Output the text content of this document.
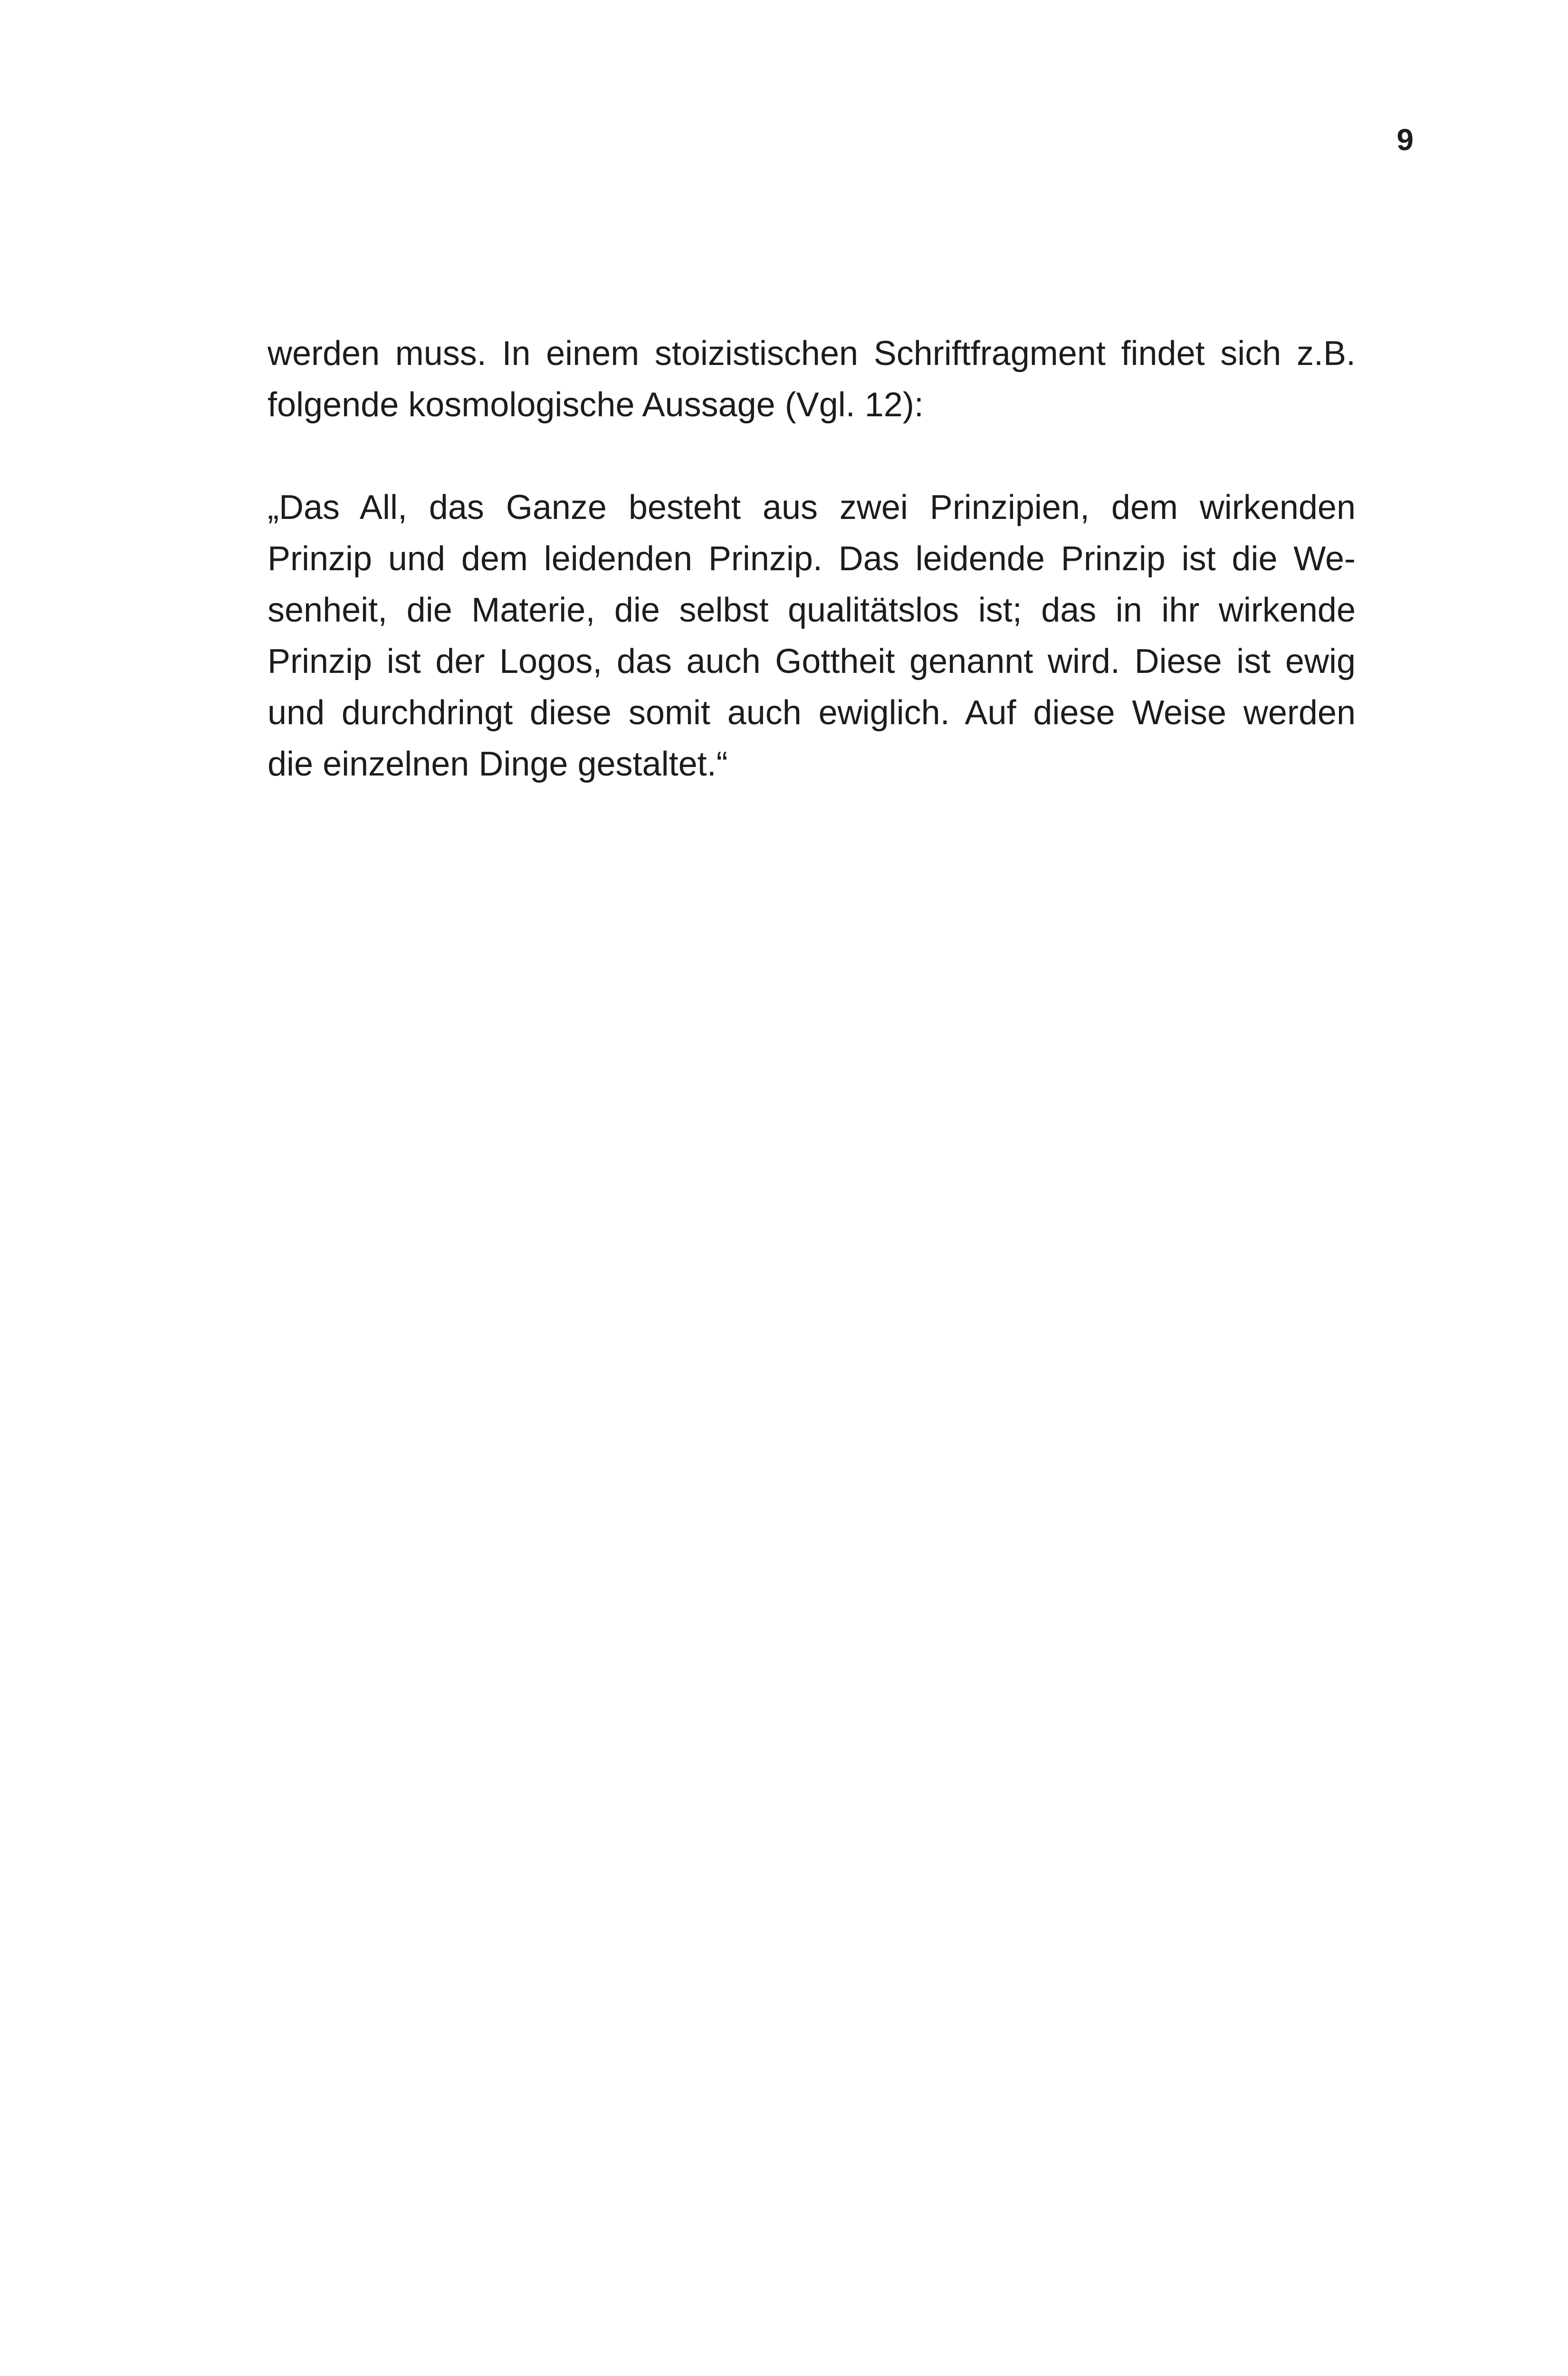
9
werden muss. In einem stoizistischen Schriftfragment findet sich z.B.
folgende kosmologische Aussage (Vgl. 12):
„Das All, das Ganze besteht aus zwei Prinzipien, dem wirkenden
Prinzip und dem leidenden Prinzip. Das leidende Prinzip ist die We-
senheit, die Materie, die selbst qualitätslos ist; das in ihr wirkende
Prinzip ist der Logos, das auch Gottheit genannt wird. Diese ist ewig
und durchdringt diese somit auch ewiglich. Auf diese Weise werden
die einzelnen Dinge gestaltet.“
